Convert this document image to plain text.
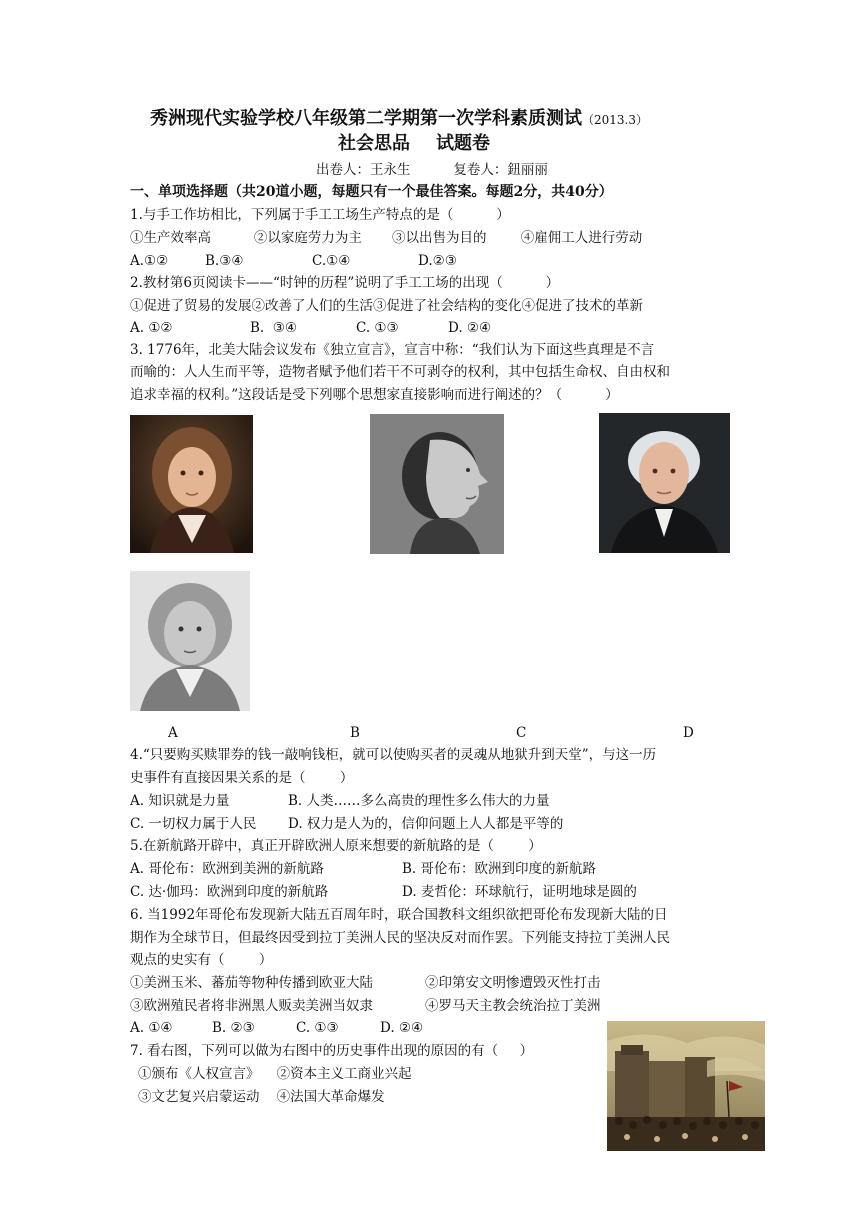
秀洲现代实验学校八年级第二学期第一次学科素质测试（2013.3）
社会思品 试题卷
出卷人：王永生          复卷人：鈕丽丽
一、单项选择题（共20道小题，每题只有一个最佳答案。每题2分，共40分）
1.与手工作坊相比，下列属于手工工场生产特点的是（          ）
①生产效率高          ②以家庭劳力为主       ③以出售为目的        ④雇佣工人进行劳动
A.①②	B.③④	C.①④	D.②③
2.教材第6页阅读卡——“时钟的历程”说明了手工工场的出现（          ）
①促进了贸易的发展②改善了人们的生活③促进了社会结构的变化④促进了技术的革新
A. ①②	B.  ③④	C. ①③	D. ②④
3. 1776年，北美大陆会议发布《独立宣言》，宣言中称：“我们认为下面这些真理是不言
而喻的：人人生而平等，造物者赋予他们若干不可剥夺的权利，其中包括生命权、自由权和
追求幸福的权利。”这段话是受下列哪个思想家直接影响而进行阐述的？（          ）
A	B	C	D
4.“只要购买赎罪券的钱一敲响钱柜，就可以使购买者的灵魂从地狱升到天堂”，与这一历
史事件有直接因果关系的是（        ）
A. 知识就是力量	B. 人类……多么高贵的理性多么伟大的力量
C. 一切权力属于人民 D. 权力是人为的，信仰问题上人人都是平等的
5.在新航路开辟中，真正开辟欧洲人原来想要的新航路的是（        ）
A. 哥伦布：欧洲到美洲的新航路	B. 哥伦布：欧洲到印度的新航路
C. 达·伽玛：欧洲到印度的新航路	D. 麦哲伦：环球航行，证明地球是圆的
6. 当1992年哥伦布发现新大陆五百周年时，联合国教科文组织欲把哥伦布发现新大陆的日
期作为全球节日，但最终因受到拉丁美洲人民的坚决反对而作罢。下列能支持拉丁美洲人民
观点的史实有（        ）
①美洲玉米、蕃茄等物种传播到欧亚大陆	②印第安文明惨遭毁灭性打击
③欧洲殖民者将非洲黑人贩卖美洲当奴隶	④罗马天主教会统治拉丁美洲
A. ①④	B. ②③	C. ①③	D. ②④
7. 看右图，下列可以做为右图中的历史事件出现的原因的有（     ）
①颁布《人权宣言》    ②资本主义工商业兴起
③文艺复兴启蒙运动    ④法国大革命爆发
